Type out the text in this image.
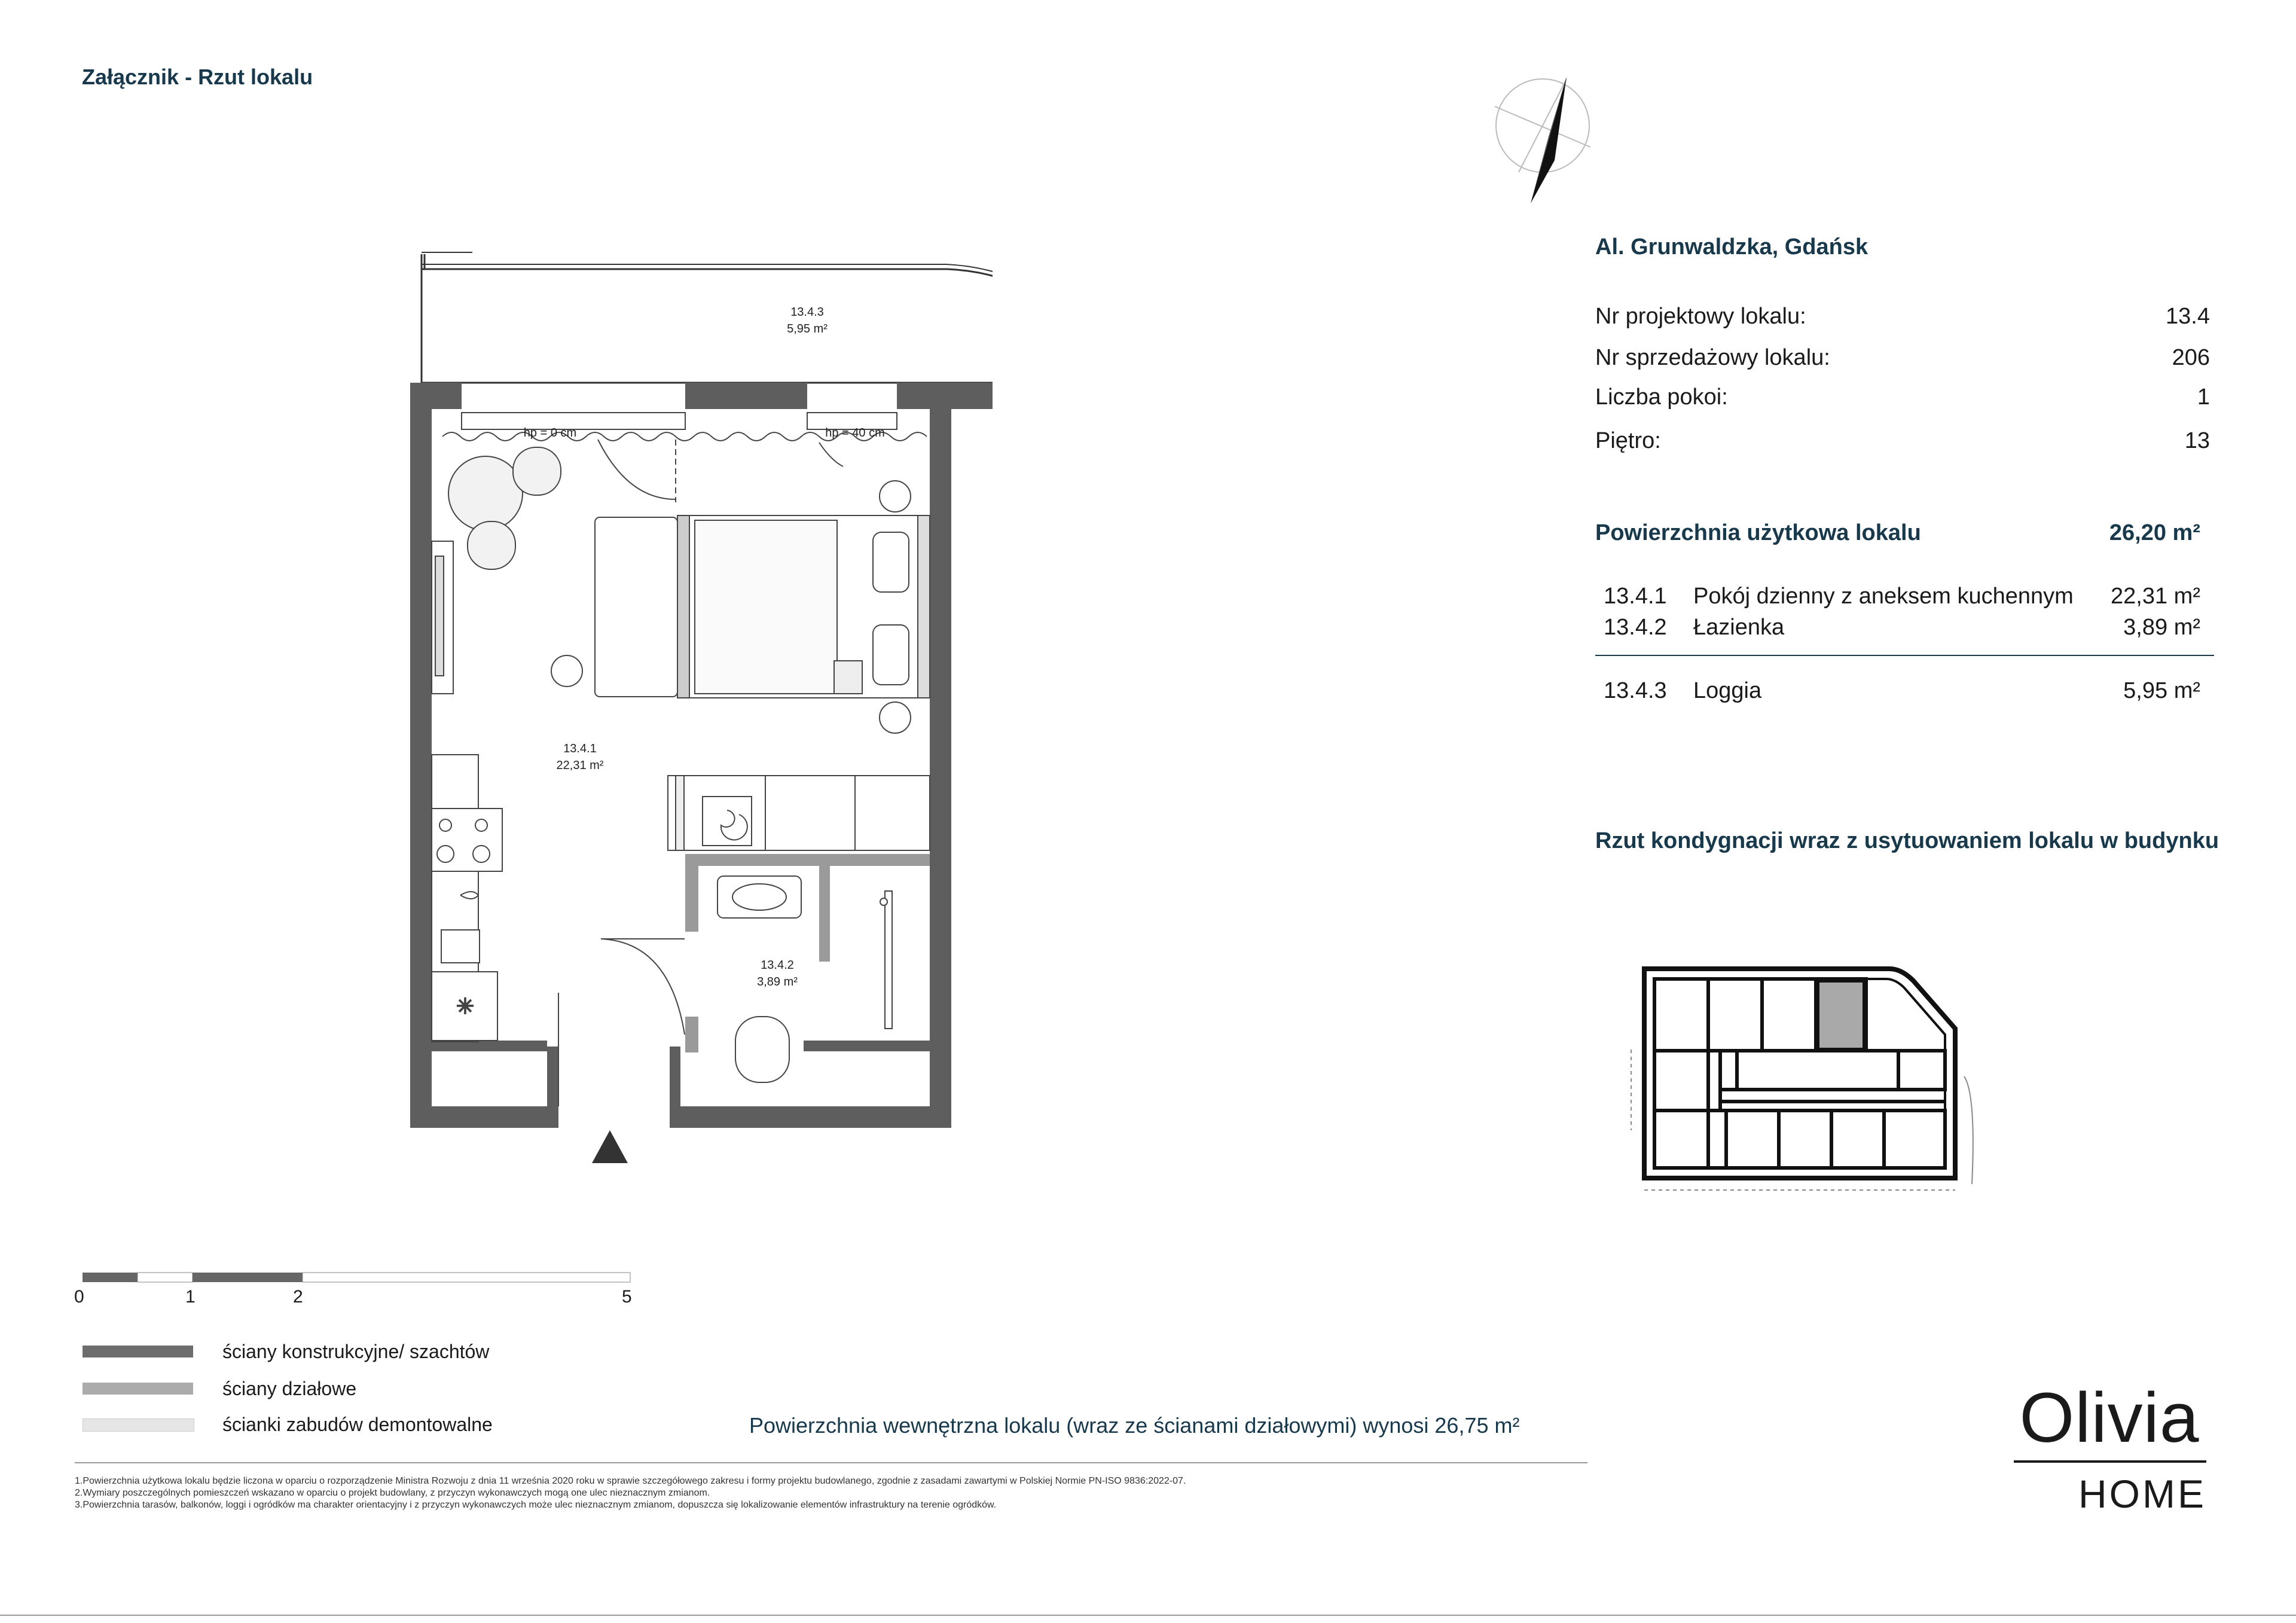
Załącznik - Rzut lokalu
✳
13.4.3
5,95 m²
13.4.1
22,31 m²
13.4.2
3,89 m²
hp = 0 cm	hp = 40 cm
Al. Grunwaldzka, Gdańsk
Nr projektowy lokalu:	13.4
Nr sprzedażowy lokalu:	206
Liczba pokoi:	1
Piętro:	13
Powierzchnia użytkowa lokalu	26,20 m²
13.4.1 Pokój dzienny z aneksem kuchennym	22,31 m²
13.4.2 Łazienka	3,89 m²
13.4.3 Loggia	5,95 m²
Rzut kondygnacji wraz z usytuowaniem lokalu w budynku
0	1	2	5
ściany konstrukcyjne/ szachtów
ściany działowe
ścianki zabudów demontowalne	Powierzchnia wewnętrzna lokalu (wraz ze ścianami działowymi) wynosi 26,75 m²
1.Powierzchnia użytkowa lokalu będzie liczona w oparciu o rozporządzenie Ministra Rozwoju z dnia 11 września 2020 roku w sprawie szczegółowego zakresu i formy projektu budowlanego, zgodnie z zasadami zawartymi w Polskiej Normie PN-ISO 9836:2022-07.
2.Wymiary poszczególnych pomieszczeń wskazano w oparciu o projekt budowlany, z przyczyn wykonawczych mogą one ulec nieznacznym zmianom.
3.Powierzchnia tarasów, balkonów, loggi i ogródków ma charakter orientacyjny i z przyczyn wykonawczych może ulec nieznacznym zmianom, dopuszcza się lokalizowanie elementów infrastruktury na terenie ogródków.
Olivia
HOME
